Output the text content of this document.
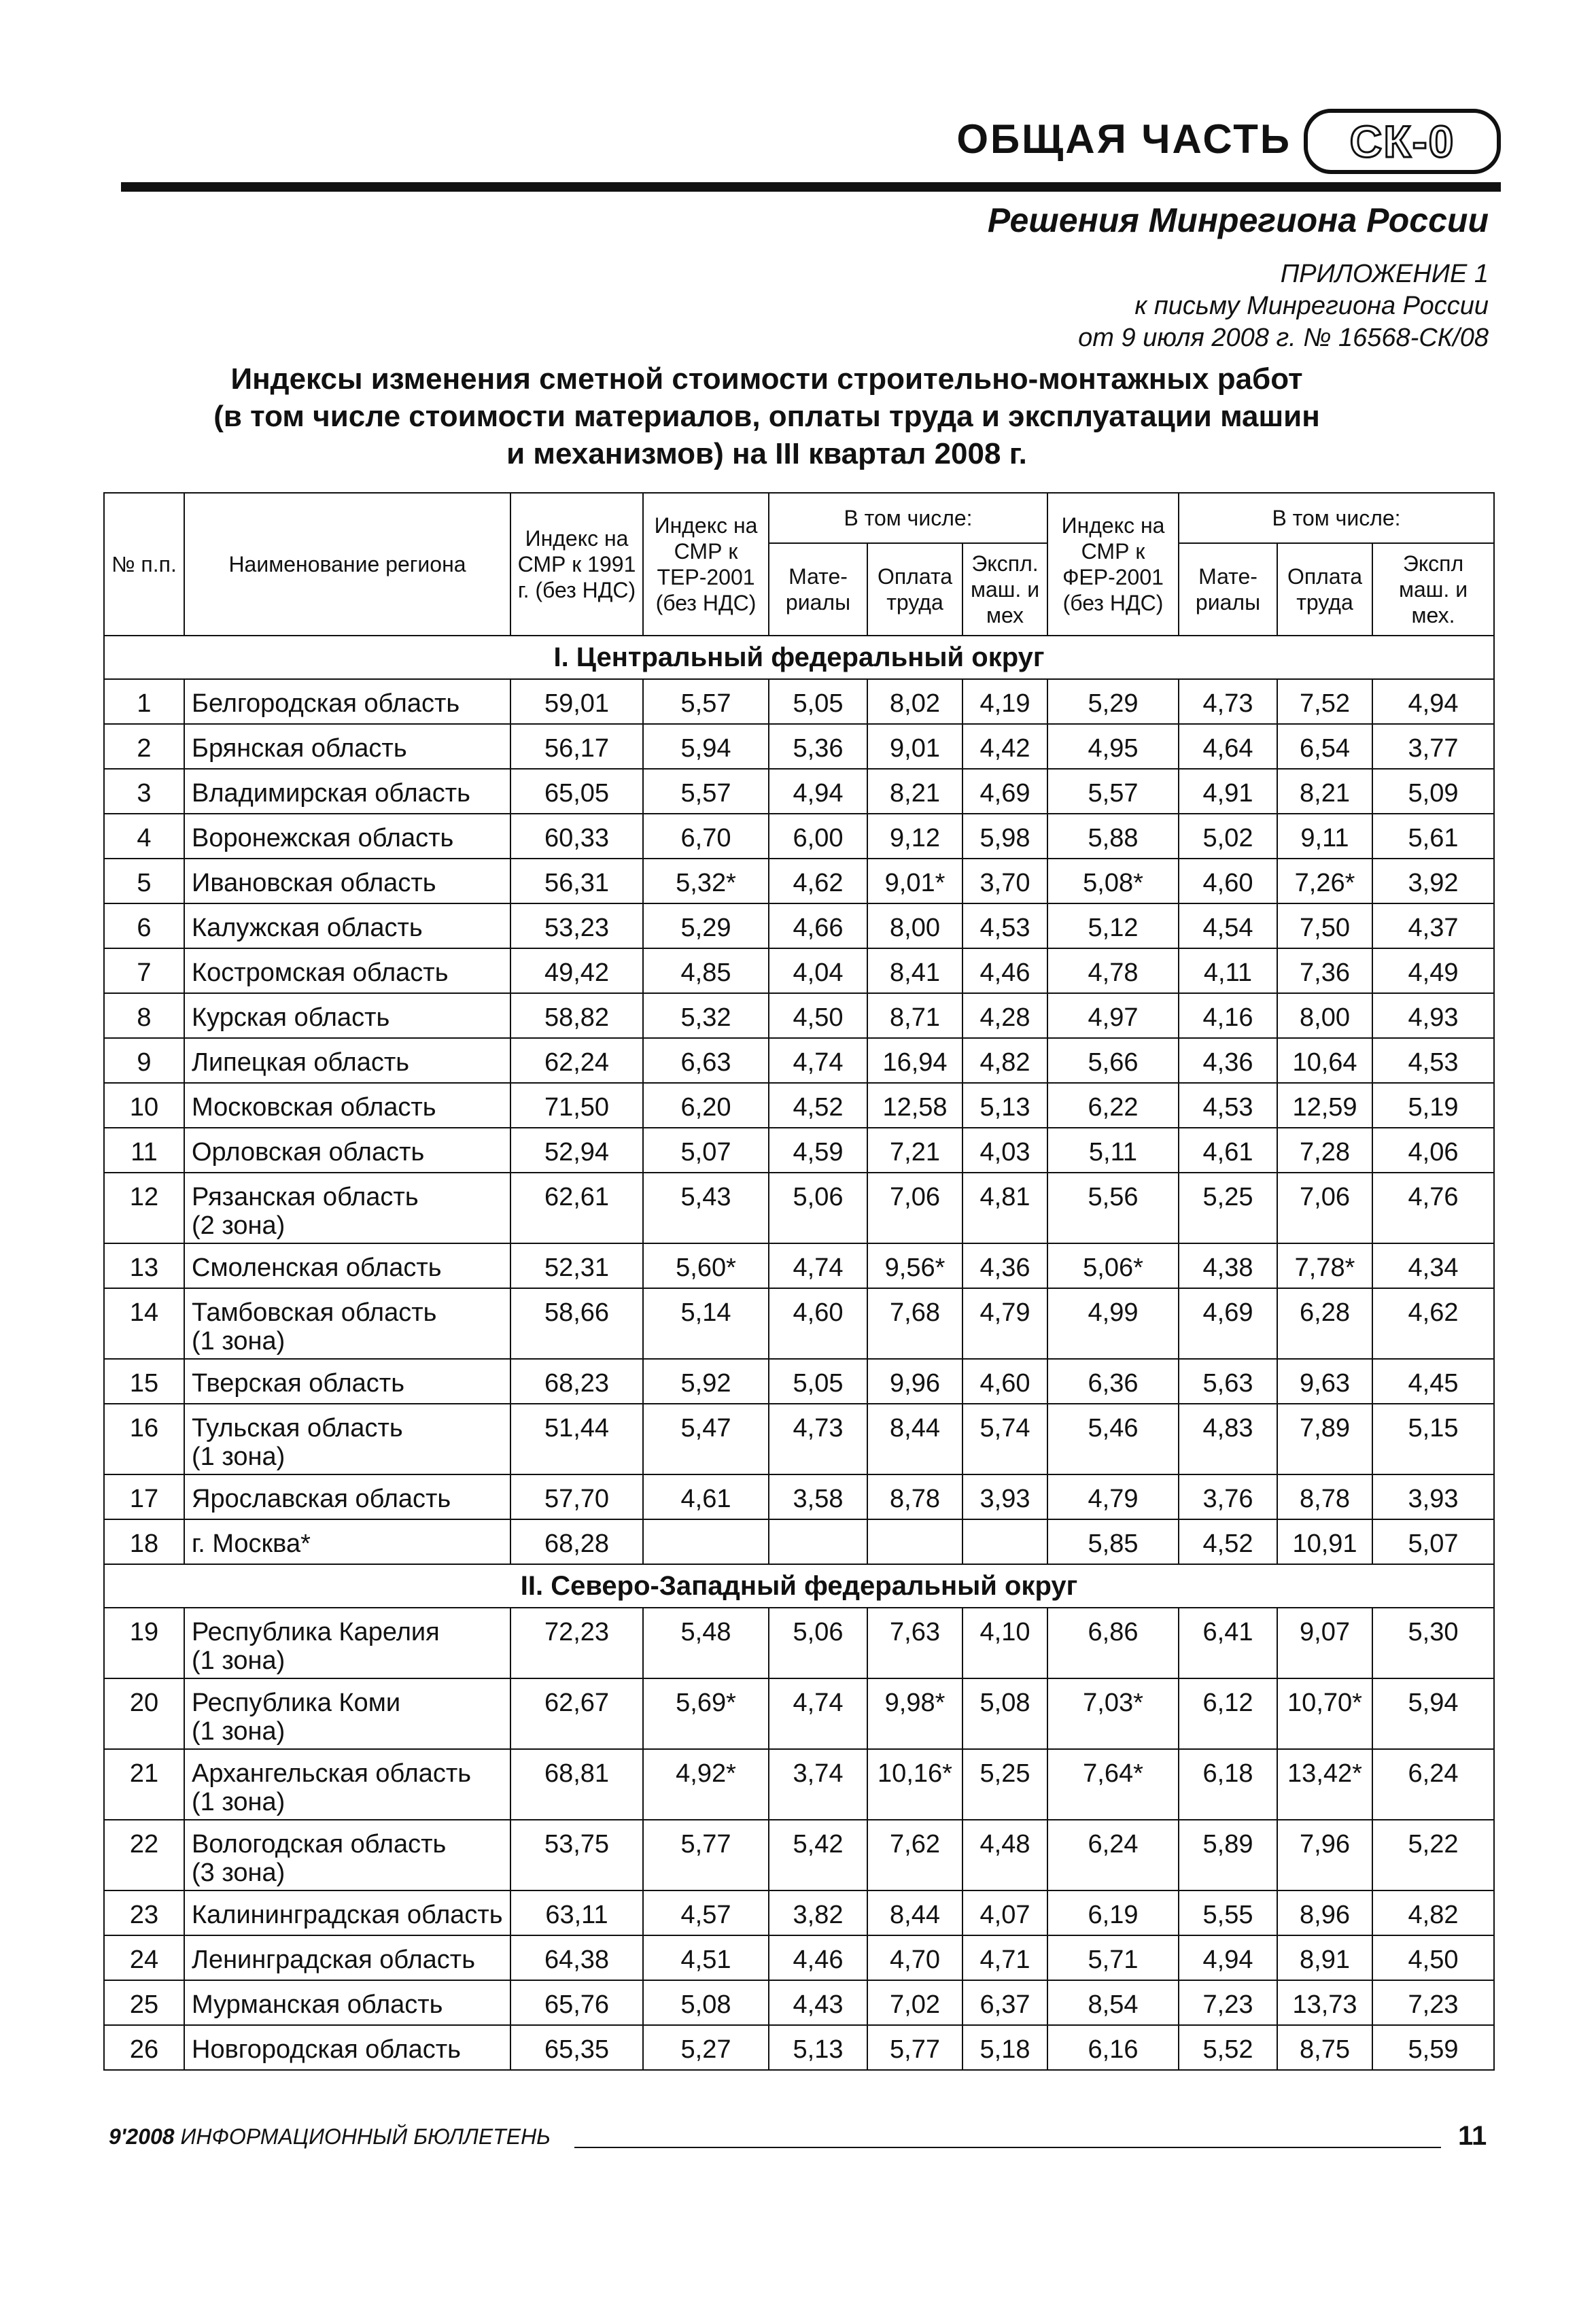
ОБЩАЯ ЧАСТЬ СК-0
Решения Минрегиона России
ПРИЛОЖЕНИЕ 1
к письму Минрегиона России
от 9 июля 2008 г. № 16568-СК/08
Индексы изменения сметной стоимости строительно-монтажных работ
(в том числе стоимости материалов, оплаты труда и эксплуатации машин
и механизмов) на III квартал 2008 г.
№ п.п.	Наименование региона	Индекс на СМР к 1991 г. (без НДС)	Индекс на СМР к ТЕР-2001 (без НДС)	В том числе:			Индекс на СМР к ФЕР-2001 (без НДС)	В том числе:		
				Мате-риалы	Оплата труда	Экспл. маш. и мех		Мате-риалы	Оплата труда	Экспл маш. и мех.
I. Центральный федеральный округ										
1	Белгородская область	59,01	5,57	5,05	8,02	4,19	5,29	4,73	7,52	4,94
2	Брянская область	56,17	5,94	5,36	9,01	4,42	4,95	4,64	6,54	3,77
3	Владимирская область	65,05	5,57	4,94	8,21	4,69	5,57	4,91	8,21	5,09
4	Воронежская область	60,33	6,70	6,00	9,12	5,98	5,88	5,02	9,11	5,61
5	Ивановская область	56,31	5,32*	4,62	9,01*	3,70	5,08*	4,60	7,26*	3,92
6	Калужская область	53,23	5,29	4,66	8,00	4,53	5,12	4,54	7,50	4,37
7	Костромская область	49,42	4,85	4,04	8,41	4,46	4,78	4,11	7,36	4,49
8	Курская область	58,82	5,32	4,50	8,71	4,28	4,97	4,16	8,00	4,93
9	Липецкая область	62,24	6,63	4,74	16,94	4,82	5,66	4,36	10,64	4,53
10	Московская область	71,50	6,20	4,52	12,58	5,13	6,22	4,53	12,59	5,19
11	Орловская область	52,94	5,07	4,59	7,21	4,03	5,11	4,61	7,28	4,06
12	Рязанская область
(2 зона)	62,61	5,43	5,06	7,06	4,81	5,56	5,25	7,06	4,76
13	Смоленская область	52,31	5,60*	4,74	9,56*	4,36	5,06*	4,38	7,78*	4,34
14	Тамбовская область
(1 зона)	58,66	5,14	4,60	7,68	4,79	4,99	4,69	6,28	4,62
15	Тверская область	68,23	5,92	5,05	9,96	4,60	6,36	5,63	9,63	4,45
16	Тульская область
(1 зона)	51,44	5,47	4,73	8,44	5,74	5,46	4,83	7,89	5,15
17	Ярославская область	57,70	4,61	3,58	8,78	3,93	4,79	3,76	8,78	3,93
18	г. Москва*	68,28					5,85	4,52	10,91	5,07
II. Северо-Западный федеральный округ										
19	Республика Карелия
(1 зона)	72,23	5,48	5,06	7,63	4,10	6,86	6,41	9,07	5,30
20	Республика Коми
(1 зона)	62,67	5,69*	4,74	9,98*	5,08	7,03*	6,12	10,70*	5,94
21	Архангельская область
(1 зона)	68,81	4,92*	3,74	10,16*	5,25	7,64*	6,18	13,42*	6,24
22	Вологодская область
(3 зона)	53,75	5,77	5,42	7,62	4,48	6,24	5,89	7,96	5,22
23	Калининградская область	63,11	4,57	3,82	8,44	4,07	6,19	5,55	8,96	4,82
24	Ленинградская область	64,38	4,51	4,46	4,70	4,71	5,71	4,94	8,91	4,50
25	Мурманская область	65,76	5,08	4,43	7,02	6,37	8,54	7,23	13,73	7,23
26	Новгородская область	65,35	5,27	5,13	5,77	5,18	6,16	5,52	8,75	5,59
9'2008 ИНФОРМАЦИОННЫЙ БЮЛЛЕТЕНЬ	11
